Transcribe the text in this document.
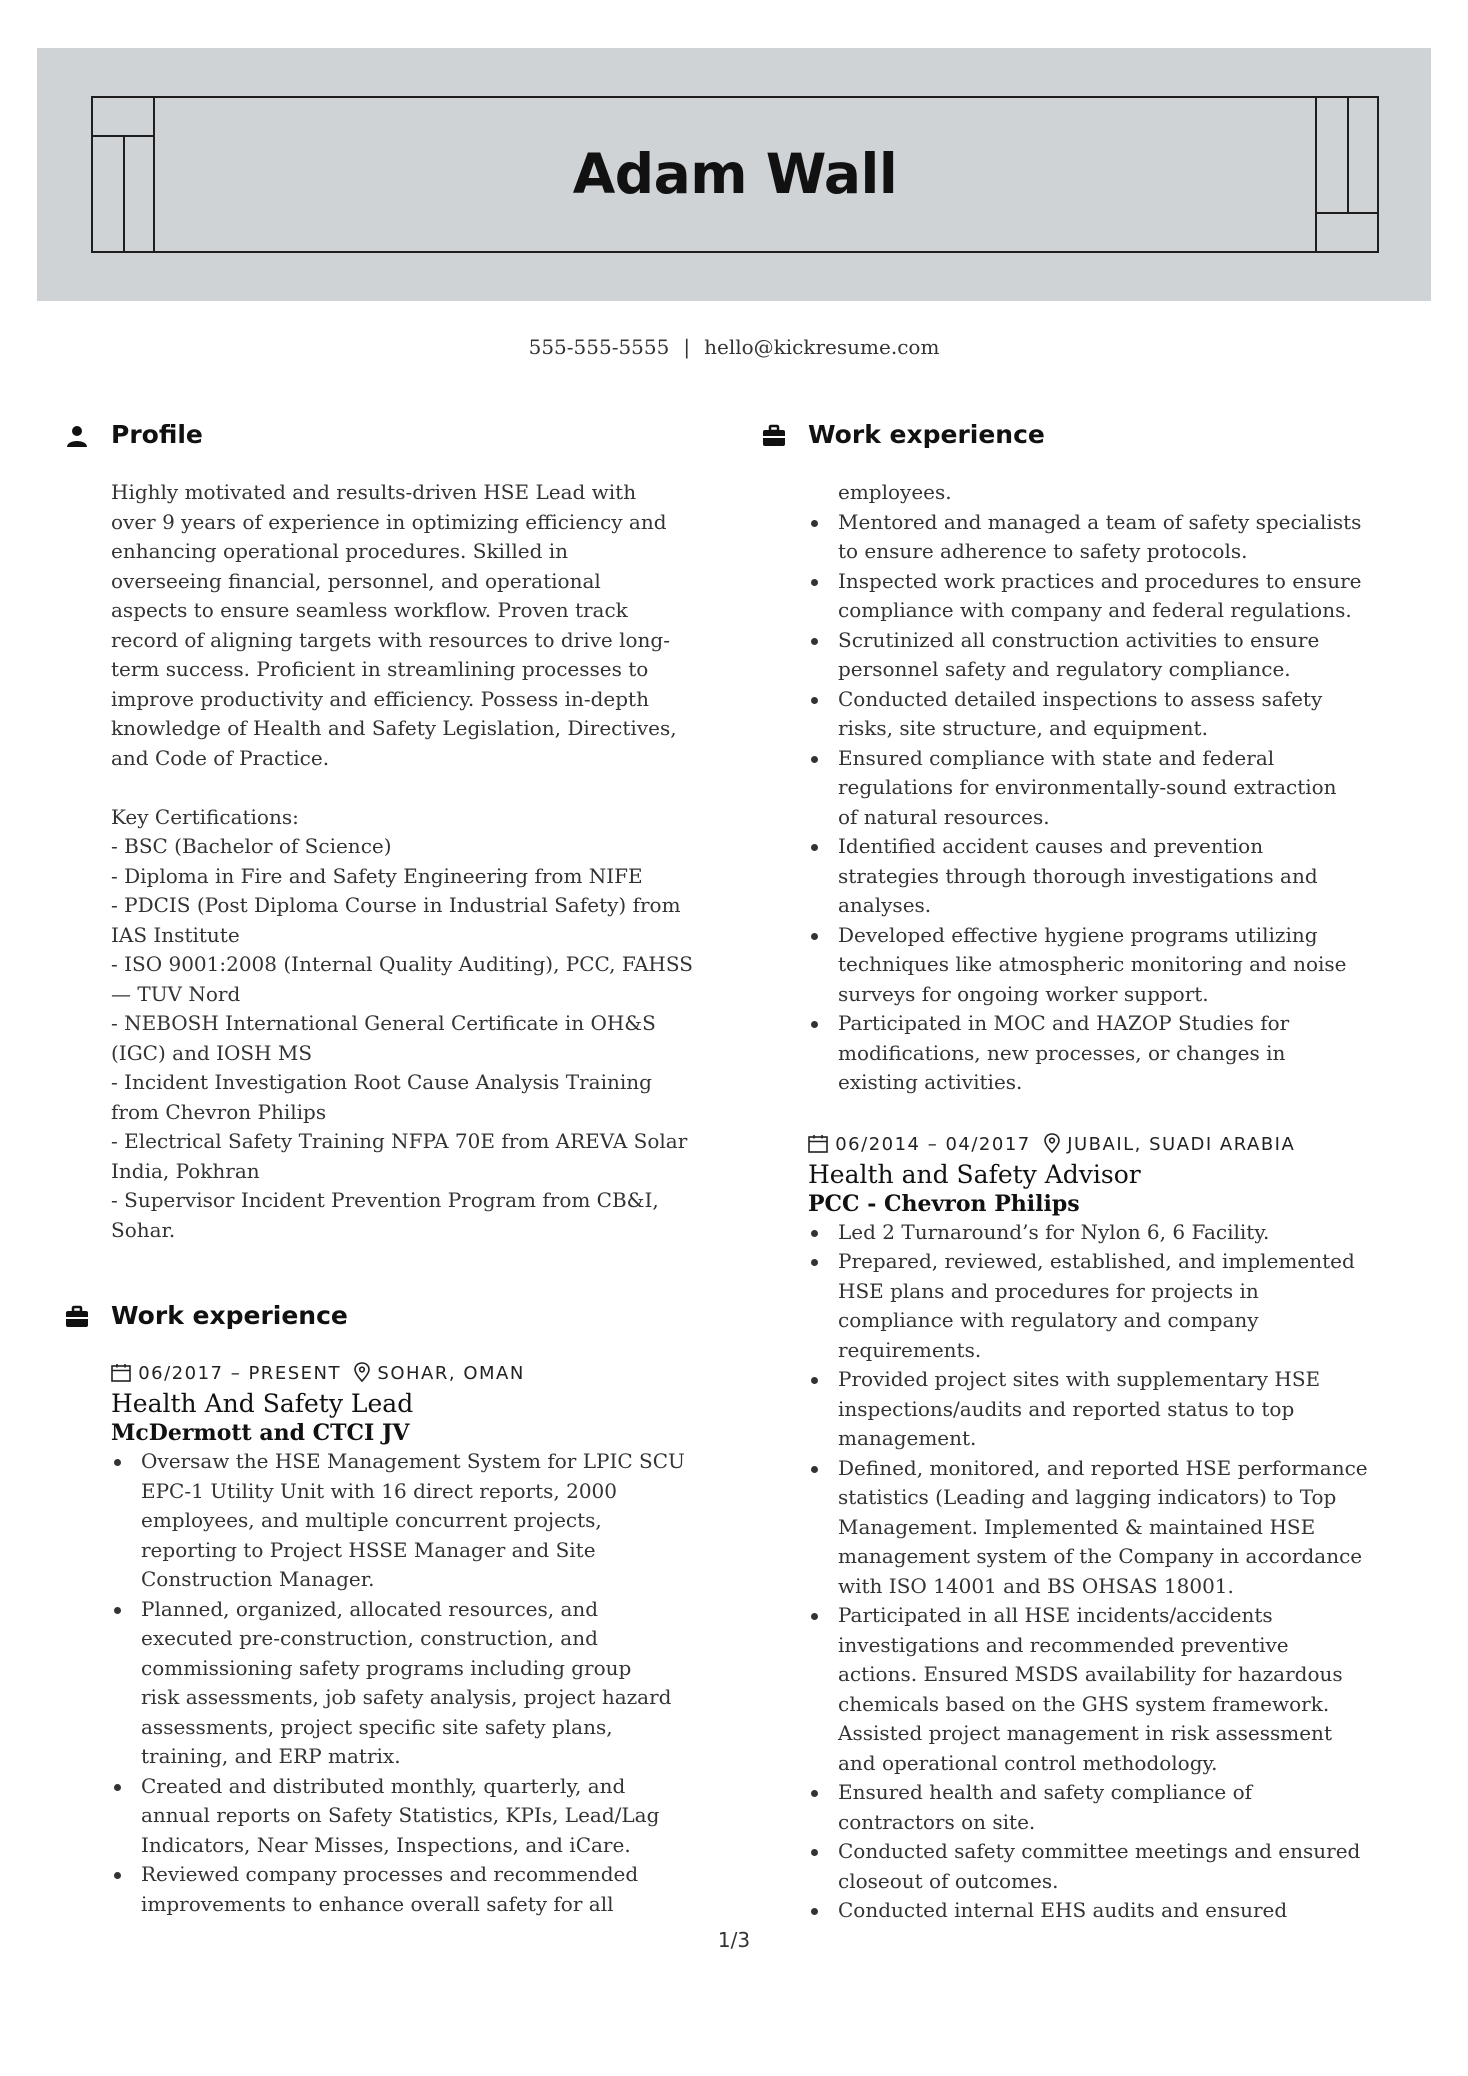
Adam Wall
555-555-5555 | hello@kickresume.com
Profile

Highly motivated and results-driven HSE Lead with

over 9 years of experience in optimizing efficiency and

enhancing operational procedures. Skilled in

overseeing financial, personnel, and operational

aspects to ensure seamless workflow. Proven track

record of aligning targets with resources to drive long-

term success. Proficient in streamlining processes to

improve productivity and efficiency. Possess in-depth

knowledge of Health and Safety Legislation, Directives,

and Code of Practice.

Key Certifications:

- BSC (Bachelor of Science)

- Diploma in Fire and Safety Engineering from NIFE

- PDCIS (Post Diploma Course in Industrial Safety) from

IAS Institute

- ISO 9001:2008 (Internal Quality Auditing), PCC, FAHSS

— TUV Nord

- NEBOSH International General Certificate in OH&S

(IGC) and IOSH MS

- Incident Investigation Root Cause Analysis Training

from Chevron Philips

- Electrical Safety Training NFPA 70E from AREVA Solar

India, Pokhran

- Supervisor Incident Prevention Program from CB&I,

Sohar.

Work experience
06/2017 – PRESENT SOHAR, OMAN
Health And Safety Lead
McDermott and CTCI JV
Oversaw the HSE Management System for LPIC SCU
EPC-1 Utility Unit with 16 direct reports, 2000
employees, and multiple concurrent projects,
reporting to Project HSSE Manager and Site
Construction Manager.
Planned, organized, allocated resources, and
executed pre-construction, construction, and
commissioning safety programs including group
risk assessments, job safety analysis, project hazard
assessments, project specific site safety plans,
training, and ERP matrix.
Created and distributed monthly, quarterly, and
annual reports on Safety Statistics, KPIs, Lead/Lag
Indicators, Near Misses, Inspections, and iCare.
Reviewed company processes and recommended
improvements to enhance overall safety for all
Work experience
employees.
Mentored and managed a team of safety specialists
to ensure adherence to safety protocols.
Inspected work practices and procedures to ensure
compliance with company and federal regulations.
Scrutinized all construction activities to ensure
personnel safety and regulatory compliance.
Conducted detailed inspections to assess safety
risks, site structure, and equipment.
Ensured compliance with state and federal
regulations for environmentally-sound extraction
of natural resources.
Identified accident causes and prevention
strategies through thorough investigations and
analyses.
Developed effective hygiene programs utilizing
techniques like atmospheric monitoring and noise
surveys for ongoing worker support.
Participated in MOC and HAZOP Studies for
modifications, new processes, or changes in
existing activities.
06/2014 – 04/2017 JUBAIL, SUADI ARABIA
Health and Safety Advisor
PCC - Chevron Philips
Led 2 Turnaround’s for Nylon 6, 6 Facility.
Prepared, reviewed, established, and implemented
HSE plans and procedures for projects in
compliance with regulatory and company
requirements.
Provided project sites with supplementary HSE
inspections/audits and reported status to top
management.
Defined, monitored, and reported HSE performance
statistics (Leading and lagging indicators) to Top
Management. Implemented & maintained HSE
management system of the Company in accordance
with ISO 14001 and BS OHSAS 18001.
Participated in all HSE incidents/accidents
investigations and recommended preventive
actions. Ensured MSDS availability for hazardous
chemicals based on the GHS system framework.
Assisted project management in risk assessment
and operational control methodology.
Ensured health and safety compliance of
contractors on site.
Conducted safety committee meetings and ensured
closeout of outcomes.
Conducted internal EHS audits and ensured
1/3
